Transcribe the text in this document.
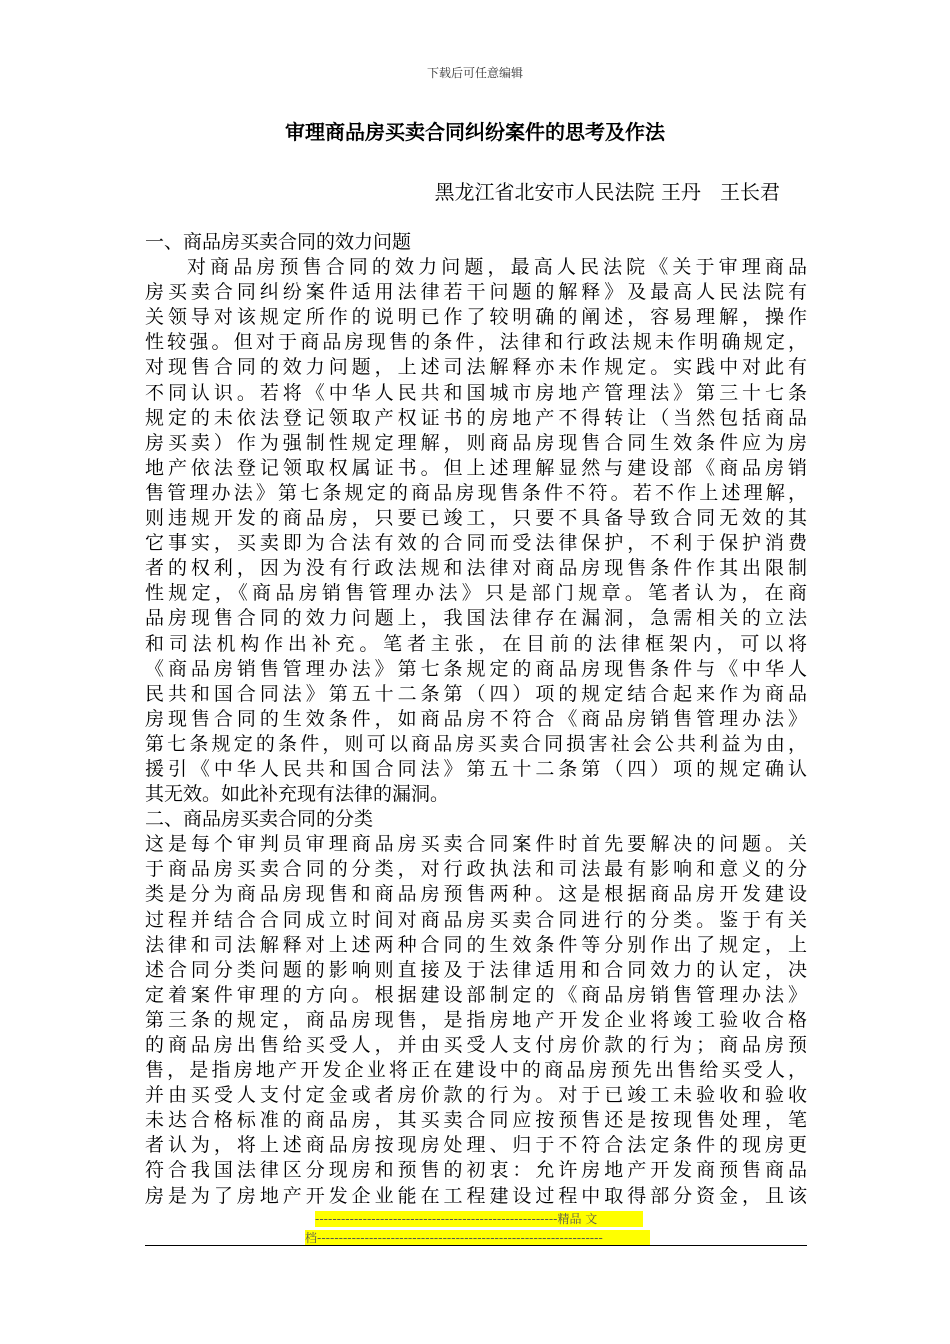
下载后可任意编辑
审理商品房买卖合同纠纷案件的思考及作法
黑龙江省北安市人民法院 王丹   王长君
一、商品房买卖合同的效力问题
对商品房预售合同的效力问题，最高人民法院《关于审理商品
房买卖合同纠纷案件适用法律若干问题的解释》及最高人民法院有
关领导对该规定所作的说明已作了较明确的阐述，容易理解，操作
性较强。但对于商品房现售的条件，法律和行政法规未作明确规定，
对现售合同的效力问题，上述司法解释亦未作规定。实践中对此有
不同认识。若将《中华人民共和国城市房地产管理法》第三十七条
规定的未依法登记领取产权证书的房地产不得转让（当然包括商品
房买卖）作为强制性规定理解，则商品房现售合同生效条件应为房
地产依法登记领取权属证书。但上述理解显然与建设部《商品房销
售管理办法》第七条规定的商品房现售条件不符。若不作上述理解，
则违规开发的商品房，只要已竣工，只要不具备导致合同无效的其
它事实，买卖即为合法有效的合同而受法律保护，不利于保护消费
者的权利，因为没有行政法规和法律对商品房现售条件作其出限制
性规定，《商品房销售管理办法》只是部门规章。笔者认为，在商
品房现售合同的效力问题上，我国法律存在漏洞，急需相关的立法
和司法机构作出补充。笔者主张，在目前的法律框架内，可以将
《商品房销售管理办法》第七条规定的商品房现售条件与《中华人
民共和国合同法》第五十二条第（四）项的规定结合起来作为商品
房现售合同的生效条件，如商品房不符合《商品房销售管理办法》
第七条规定的条件，则可以商品房买卖合同损害社会公共利益为由，
援引《中华人民共和国合同法》第五十二条第（四）项的规定确认
其无效。如此补充现有法律的漏洞。
二、商品房买卖合同的分类
这是每个审判员审理商品房买卖合同案件时首先要解决的问题。关
于商品房买卖合同的分类，对行政执法和司法最有影响和意义的分
类是分为商品房现售和商品房预售两种。这是根据商品房开发建设
过程并结合合同成立时间对商品房买卖合同进行的分类。鉴于有关
法律和司法解释对上述两种合同的生效条件等分别作出了规定，上
述合同分类问题的影响则直接及于法律适用和合同效力的认定，决
定着案件审理的方向。根据建设部制定的《商品房销售管理办法》
第三条的规定，商品房现售，是指房地产开发企业将竣工验收合格
的商品房出售给买受人，并由买受人支付房价款的行为；商品房预
售，是指房地产开发企业将正在建设中的商品房预先出售给买受人，
并由买受人支付定金或者房价款的行为。对于已竣工未验收和验收
未达合格标准的商品房，其买卖合同应按预售还是按现售处理，笔
者认为，将上述商品房按现房处理、归于不符合法定条件的现房更
符合我国法律区分现房和预售的初衷：允许房地产开发商预售商品
房是为了房地产开发企业能在工程建设过程中取得部分资金，且该
--------------------------------------------------------精品 文
档------------------------------------------------------------------
